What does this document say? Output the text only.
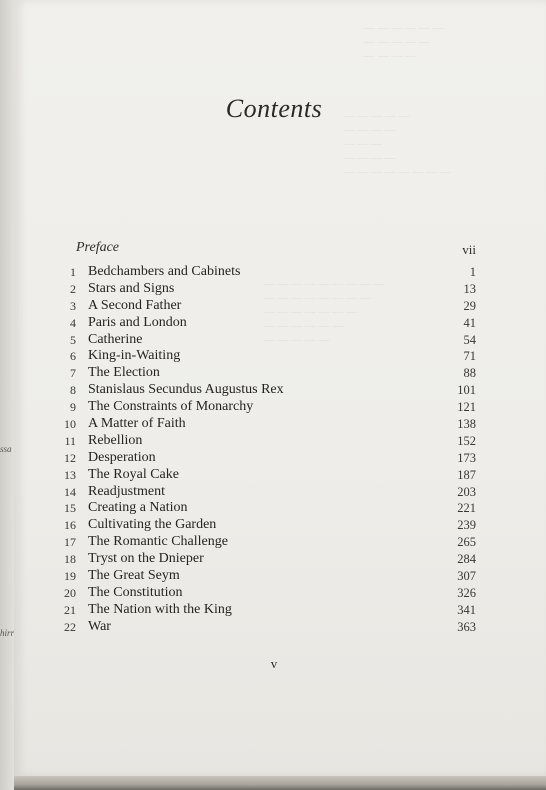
ssa
hirr
— — — — — —
— — — — —
— — — —
— — — — —
— — — —
— — —
— — — —
— — — — — — — —
— — — — — — — — —
— — — — — — — —
— — — — — — —
— — — — — —
— — — — —
Contents
Preface	vii
1 Bedchambers and Cabinets	1
2 Stars and Signs	13
3 A Second Father	29
4 Paris and London	41
5 Catherine	54
6 King-in-Waiting	71
7 The Election	88
8 Stanislaus Secundus Augustus Rex	101
9 The Constraints of Monarchy	121
10 A Matter of Faith	138
11 Rebellion	152
12 Desperation	173
13 The Royal Cake	187
14 Readjustment	203
15 Creating a Nation	221
16 Cultivating the Garden	239
17 The Romantic Challenge	265
18 Tryst on the Dnieper	284
19 The Great Seym	307
20 The Constitution	326
21 The Nation with the King	341
22 War	363
v
